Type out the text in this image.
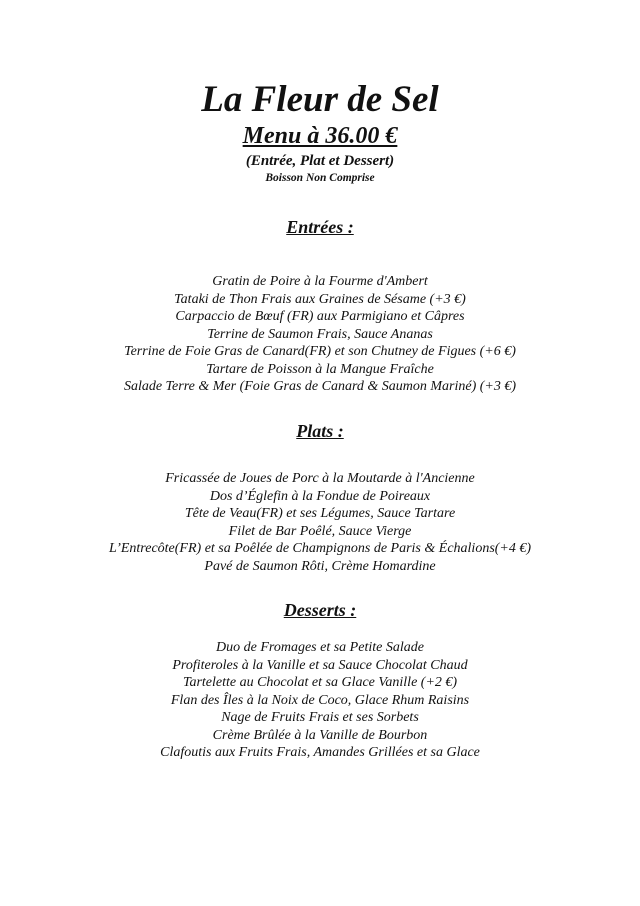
La Fleur de Sel
Menu à 36.00 €
(Entrée, Plat et Dessert)
Boisson Non Comprise
Entrées :
Gratin de Poire à la Fourme d'Ambert
Tataki de Thon Frais aux Graines de Sésame (+3 €)
Carpaccio de Bœuf (FR) aux Parmigiano et Câpres
Terrine de Saumon Frais, Sauce Ananas
Terrine de Foie Gras de Canard(FR) et son Chutney de Figues (+6 €)
Tartare de Poisson à la Mangue Fraîche
Salade Terre & Mer (Foie Gras de Canard & Saumon Mariné) (+3 €)
Plats :
Fricassée de Joues de Porc à la Moutarde à l'Ancienne
Dos d’Églefin à la Fondue de Poireaux
Tête de Veau(FR) et ses Légumes, Sauce Tartare
Filet de Bar Poêlé, Sauce Vierge
L’Entrecôte(FR) et sa Poêlée de Champignons de Paris & Échalions(+4 €)
Pavé de Saumon Rôti, Crème Homardine
Desserts :
Duo de Fromages et sa Petite Salade
Profiteroles à la Vanille et sa Sauce Chocolat Chaud
Tartelette au Chocolat et sa Glace Vanille (+2 €)
Flan des Îles à la Noix de Coco, Glace Rhum Raisins
Nage de Fruits Frais et ses Sorbets
Crème Brûlée à la Vanille de Bourbon
Clafoutis aux Fruits Frais, Amandes Grillées et sa Glace
